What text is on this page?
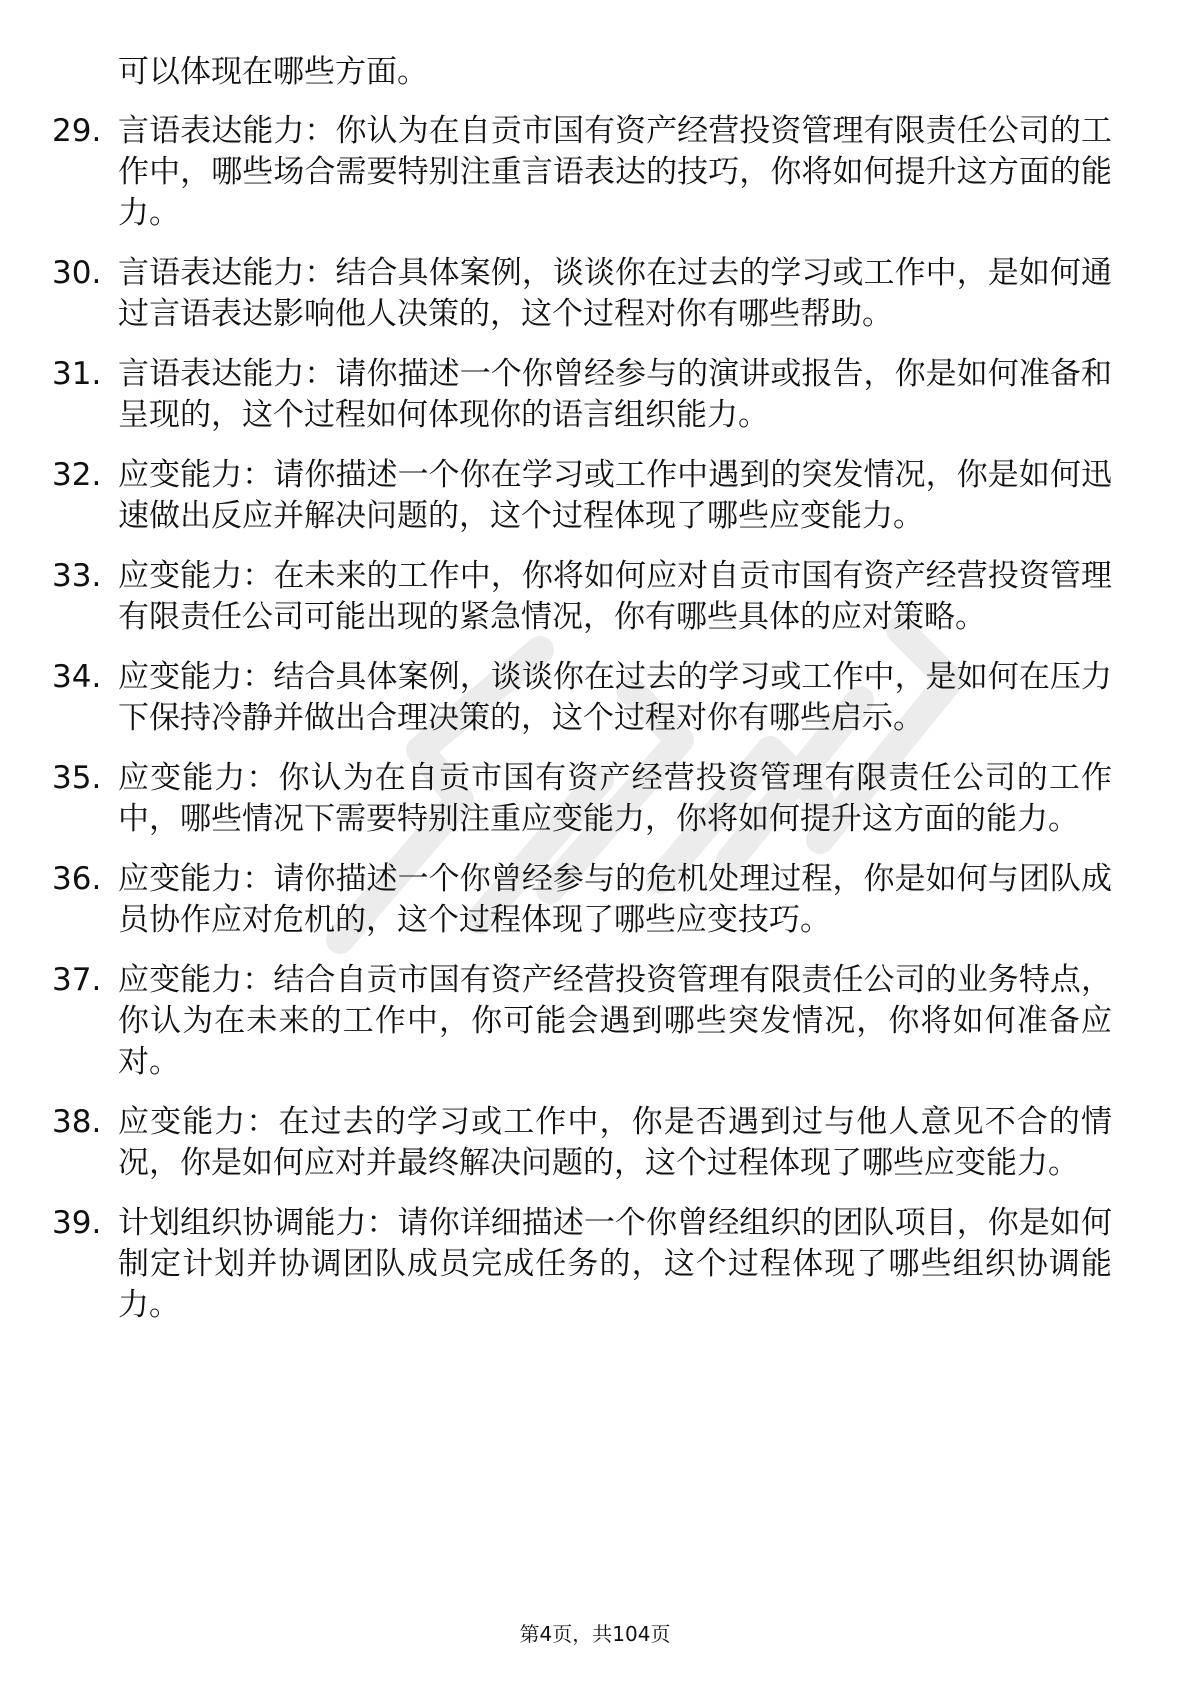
可以体现在哪些方面。
29. 言语表达能力：你认为在自贡市国有资产经营投资管理有限责任公司的工作中，哪些场合需要特别注重言语表达的技巧，你将如何提升这方面的能力。
30. 言语表达能力：结合具体案例，谈谈你在过去的学习或工作中，是如何通过言语表达影响他人决策的，这个过程对你有哪些帮助。
31. 言语表达能力：请你描述一个你曾经参与的演讲或报告，你是如何准备和呈现的，这个过程如何体现你的语言组织能力。
32. 应变能力：请你描述一个你在学习或工作中遇到的突发情况，你是如何迅速做出反应并解决问题的，这个过程体现了哪些应变能力。
33. 应变能力：在未来的工作中，你将如何应对自贡市国有资产经营投资管理有限责任公司可能出现的紧急情况，你有哪些具体的应对策略。
34. 应变能力：结合具体案例，谈谈你在过去的学习或工作中，是如何在压力下保持冷静并做出合理决策的，这个过程对你有哪些启示。
35. 应变能力：你认为在自贡市国有资产经营投资管理有限责任公司的工作中，哪些情况下需要特别注重应变能力，你将如何提升这方面的能力。
36. 应变能力：请你描述一个你曾经参与的危机处理过程，你是如何与团队成员协作应对危机的，这个过程体现了哪些应变技巧。
37. 应变能力：结合自贡市国有资产经营投资管理有限责任公司的业务特点，你认为在未来的工作中，你可能会遇到哪些突发情况，你将如何准备应对。
38. 应变能力：在过去的学习或工作中，你是否遇到过与他人意见不合的情况，你是如何应对并最终解决问题的，这个过程体现了哪些应变能力。
39. 计划组织协调能力：请你详细描述一个你曾经组织的团队项目，你是如何制定计划并协调团队成员完成任务的，这个过程体现了哪些组织协调能力。
第4页，共104页
